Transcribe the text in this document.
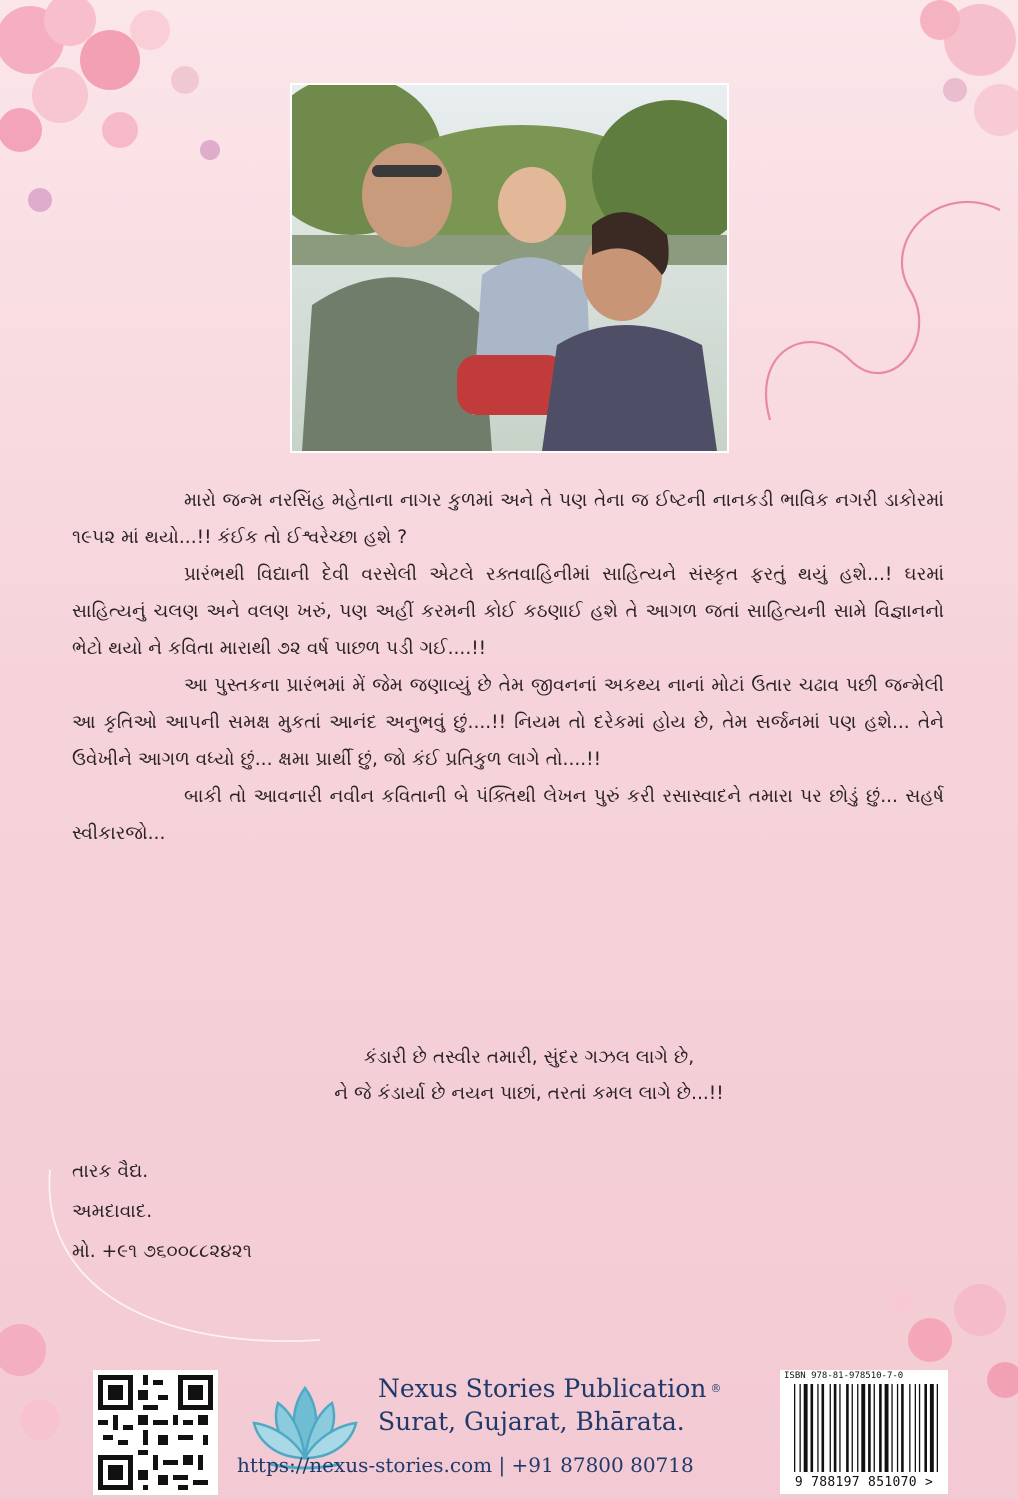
મારો જન્મ નરસિંહ મહેતાના નાગર કુળમાં અને તે પણ તેના જ ઈષ્ટની નાનકડી ભાવિક નગરી ડાકોરમાં ૧૯૫૨ માં થયો...!! કંઈક તો ઈશ્વરેચ્છા હશે ?

પ્રારંભથી વિદ્યાની દેવી વરસેલી એટલે રક્તવાહિનીમાં સાહિત્યને સંસ્કૃત ફરતું થયું હશે...! ઘરમાં સાહિત્યનું ચલણ અને વલણ ખરું, પણ અહીં કરમની કોઈ કઠણાઈ હશે તે આગળ જતાં સાહિત્યની સામે વિજ્ઞાનનો ભેટો થયો ને કવિતા મારાથી ૭૨ વર્ષ પાછળ પડી ગઈ....!!

આ પુસ્તકના પ્રારંભમાં મેં જેમ જણાવ્યું છે તેમ જીવનનાં અકથ્ય નાનાં મોટાં ઉતાર ચઢાવ પછી જન્મેલી આ કૃતિઓ આપની સમક્ષ મુકતાં આનંદ અનુભવું છું....!! નિયમ તો દરેકમાં હોય છે, તેમ સર્જનમાં પણ હશે... તેને ઉવેખીને આગળ વધ્યો છું... ક્ષમા પ્રાર્થી છું, જો કંઈ પ્રતિકુળ લાગે તો....!!

બાકી તો આવનારી નવીન કવિતાની બે પંક્તિથી લેખન પુરું કરી રસાસ્વાદને તમારા પર છોડું છું... સહર્ષ સ્વીકારજો...

કંડારી છે તસ્વીર તમારી, સુંદર ગઝલ લાગે છે,
ને જે કંડાર્યા છે નયન પાછાં, તરતાં કમલ લાગે છે...!!
તારક વૈદ્ય.
અમદાવાદ.
મો. +૯૧ ૭૬૦૦૮૮૨૪૨૧
Nexus Stories Publication ®
Surat, Gujarat, Bhārata.
https://nexus-stories.com | +91 87800 80718
ISBN 978-81-978510-7-0
9 788197 851070 >
